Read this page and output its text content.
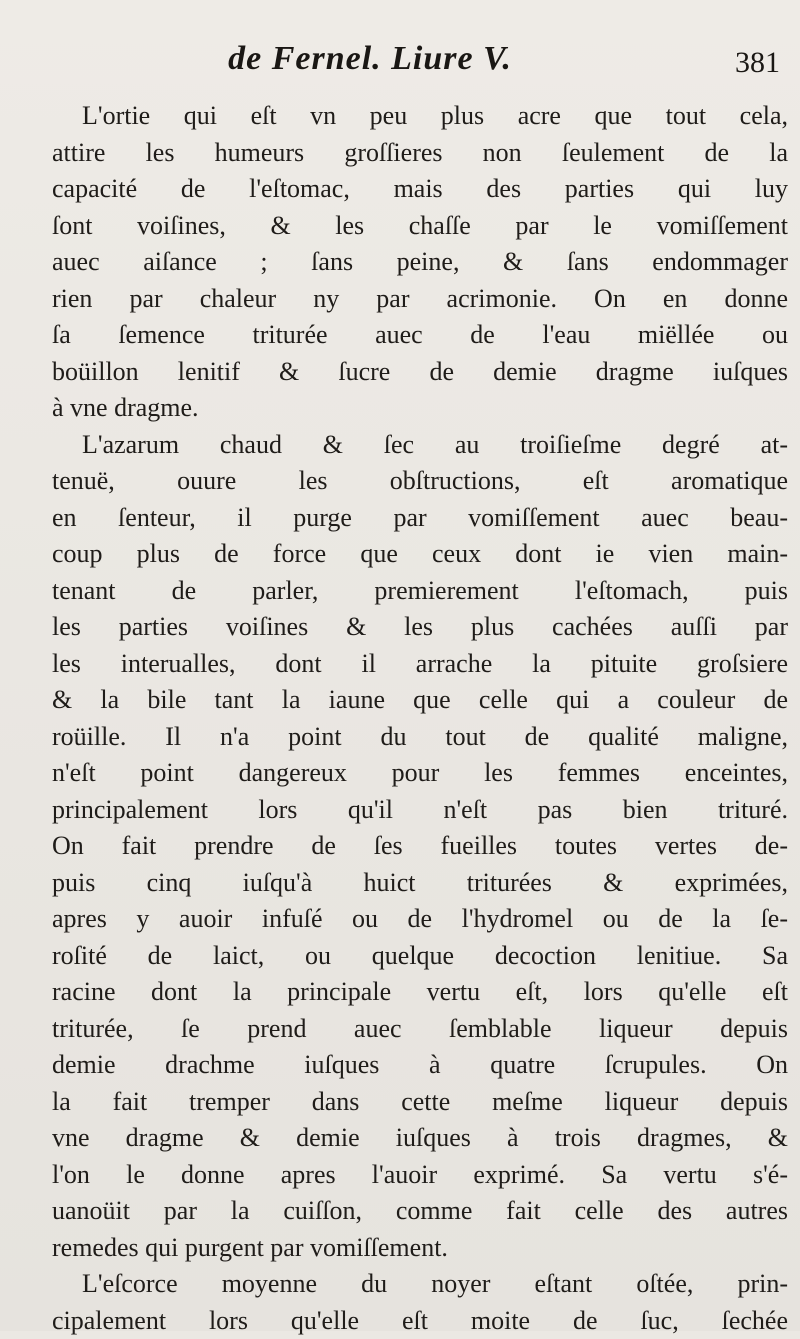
de Fernel. Liure V.	381
L'ortie qui eſt vn peu plus acre que tout cela,
attire les humeurs groſſieres non ſeulement de la
capacité de l'eſtomac, mais des parties qui luy
ſont voiſines, & les chaſſe par le vomiſſement
auec aiſance ; ſans peine, & ſans endommager
rien par chaleur ny par acrimonie. On en donne
ſa ſemence triturée auec de l'eau miëllée ou
boüillon lenitif & ſucre de demie dragme iuſques
à vne dragme.
L'azarum chaud & ſec au troiſieſme degré at-
tenuë, ouure les obſtructions, eſt aromatique
en ſenteur, il purge par vomiſſement auec beau-
coup plus de force que ceux dont ie vien main-
tenant de parler, premierement l'eſtomach, puis
les parties voiſines & les plus cachées auſſi par
les interualles, dont il arrache la pituite groſsiere
& la bile tant la iaune que celle qui a couleur de
roüille. Il n'a point du tout de qualité maligne,
n'eſt point dangereux pour les femmes enceintes,
principalement lors qu'il n'eſt pas bien trituré.
On fait prendre de ſes fueilles toutes vertes de-
puis cinq iuſqu'à huict triturées & exprimées,
apres y auoir infuſé ou de l'hydromel ou de la ſe-
roſité de laict, ou quelque decoction lenitiue. Sa
racine dont la principale vertu eſt, lors qu'elle eſt
triturée, ſe prend auec ſemblable liqueur depuis
demie drachme iuſques à quatre ſcrupules. On
la fait tremper dans cette meſme liqueur depuis
vne dragme & demie iuſques à trois dragmes, &
l'on le donne apres l'auoir exprimé. Sa vertu s'é-
uanoüit par la cuiſſon, comme fait celle des autres
remedes qui purgent par vomiſſement.
L'eſcorce moyenne du noyer eſtant oſtée, prin-
cipalement lors qu'elle eſt moite de ſuc, ſechée
